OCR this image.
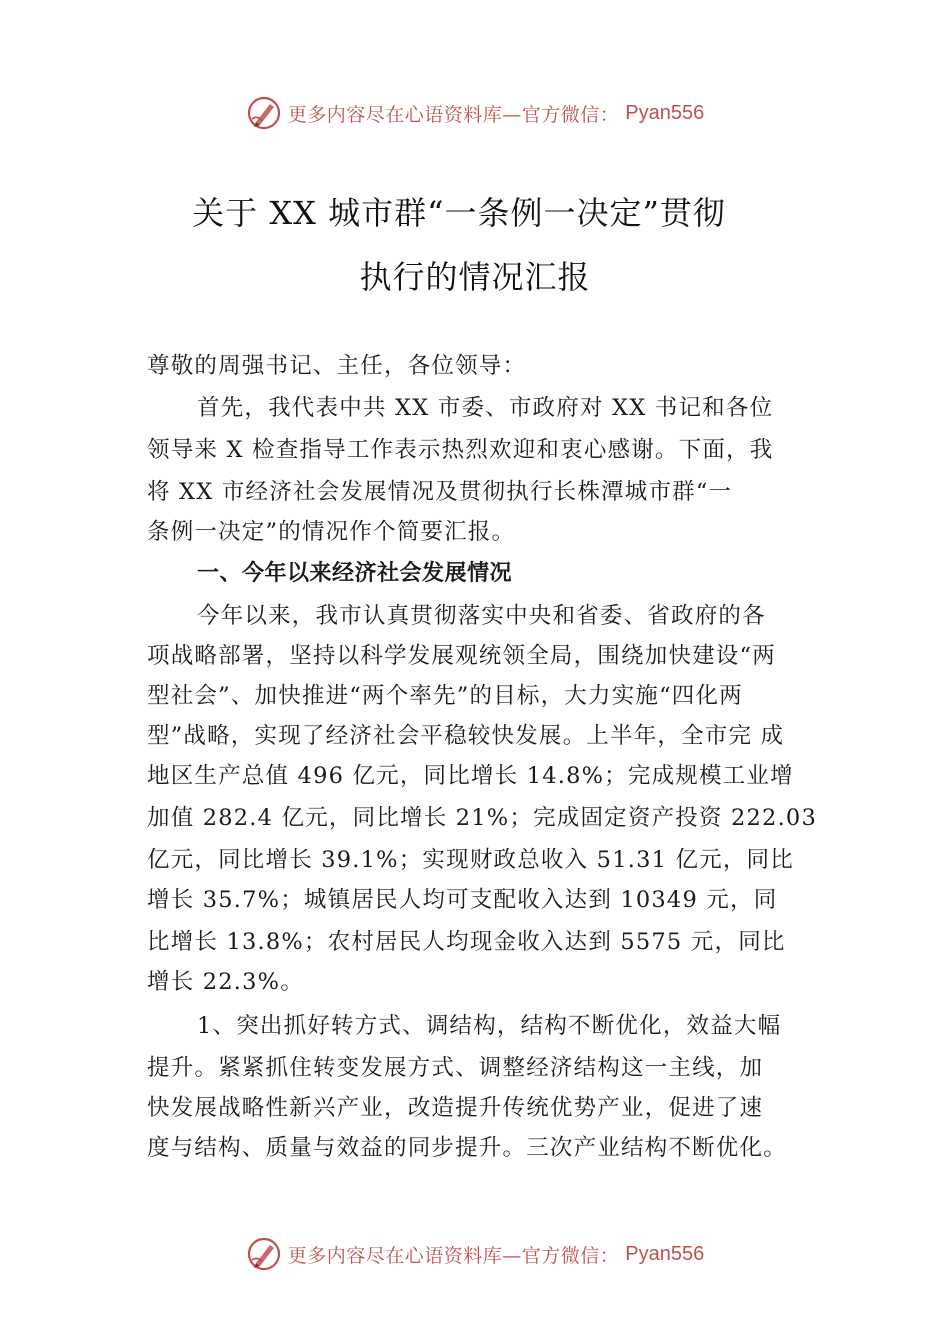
更多内容尽在心语资料库—官方微信： Pyan556
关于 XX 城市群“一条例一决定”贯彻
执行的情况汇报
尊敬的周强书记、主任，各位领导：
首先，我代表中共 XX 市委、市政府对 XX 书记和各位
领导来 X 检查指导工作表示热烈欢迎和衷心感谢。下面，我
将 XX 市经济社会发展情况及贯彻执行长株潭城市群“一
条例一决定”的情况作个简要汇报。
一、今年以来经济社会发展情况
今年以来，我市认真贯彻落实中央和省委、省政府的各
项战略部署，坚持以科学发展观统领全局，围绕加快建设“两
型社会”、加快推进“两个率先”的目标，大力实施“四化两
型”战略，实现了经济社会平稳较快发展。上半年，全市完 成
地区生产总值 496 亿元，同比增长 14.8%；完成规模工业增
加值 282.4 亿元，同比增长 21%；完成固定资产投资 222.03
亿元，同比增长 39.1%；实现财政总收入 51.31 亿元，同比
增长 35.7%；城镇居民人均可支配收入达到 10349 元，同
比增长 13.8%；农村居民人均现金收入达到 5575 元，同比
增长 22.3%。
1、突出抓好转方式、调结构，结构不断优化，效益大幅
提升。紧紧抓住转变发展方式、调整经济结构这一主线，加
快发展战略性新兴产业，改造提升传统优势产业，促进了速
度与结构、质量与效益的同步提升。三次产业结构不断优化。
更多内容尽在心语资料库—官方微信： Pyan556
